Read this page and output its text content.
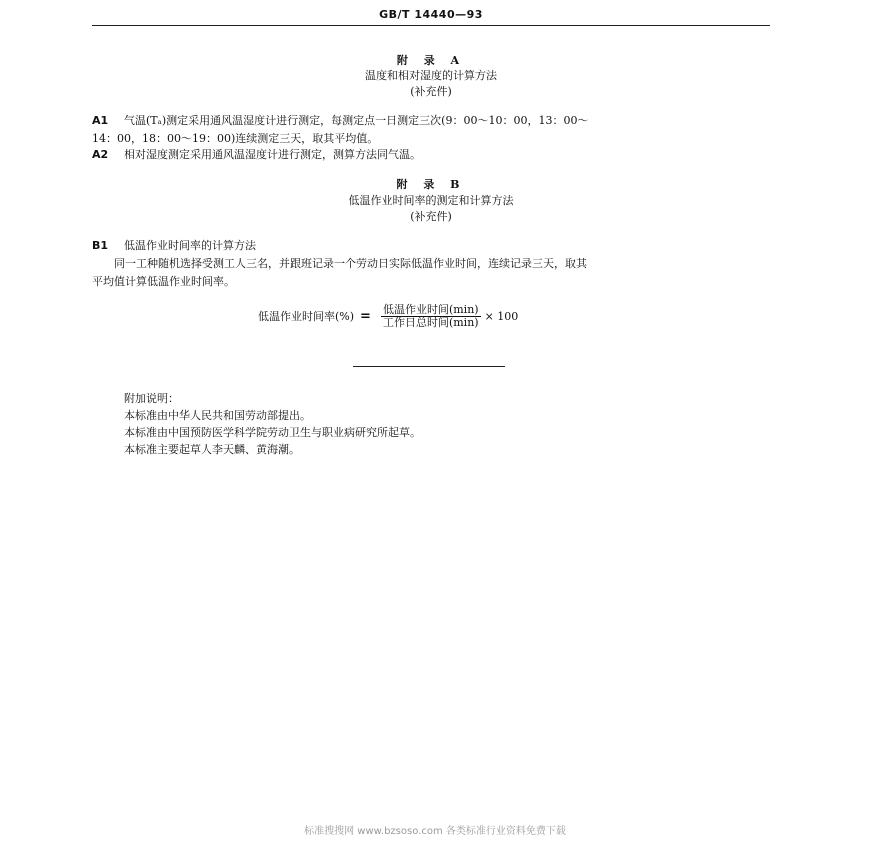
GB/T 14440—93
附 录 A
温度和相对湿度的计算方法
(补充件)
A1 气温(Tₐ)测定采用通风温湿度计进行测定，每测定点一日测定三次(9：00～10：00，13：00～
14：00，18：00～19：00)连续测定三天，取其平均值。
A2 相对湿度测定采用通风温湿度计进行测定，测算方法同气温。
附 录 B
低温作业时间率的测定和计算方法
(补充件)
B1 低温作业时间率的计算方法
同一工种随机选择受测工人三名，并跟班记录一个劳动日实际低温作业时间，连续记录三天，取其
平均值计算低温作业时间率。
低温作业时间率(%) = $\frac{\text{低温作业时间(min)}}{\text{工作日总时间(min)}} \times 100$
附加说明：
本标准由中华人民共和国劳动部提出。
本标准由中国预防医学科学院劳动卫生与职业病研究所起草。
本标准主要起草人李天麟、黄海潮。
标准搜搜网 www.bzsoso.com 各类标准行业资料免费下载
